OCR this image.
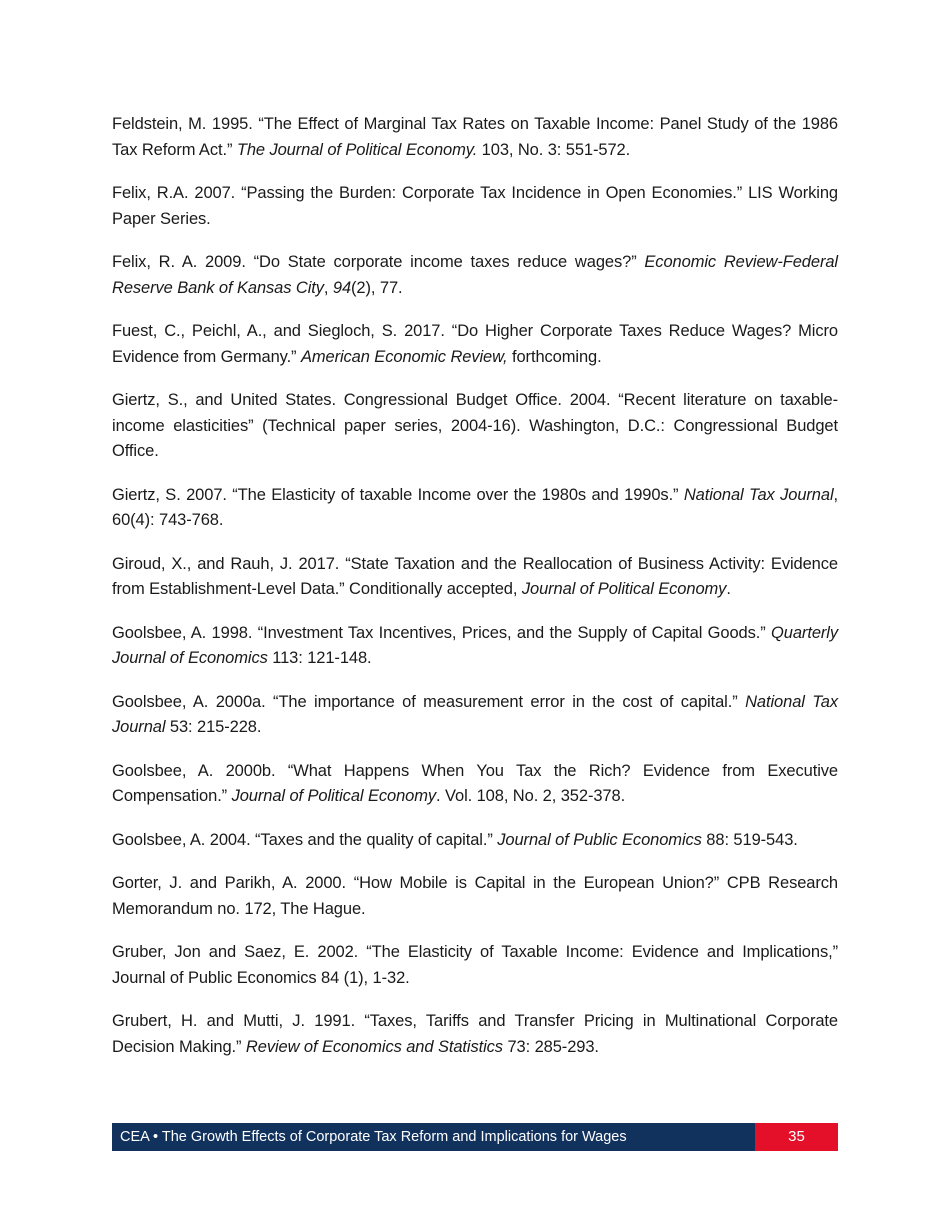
Feldstein, M. 1995. “The Effect of Marginal Tax Rates on Taxable Income: Panel Study of the 1986 Tax Reform Act.” The Journal of Political Economy. 103, No. 3: 551-572.

Felix, R.A. 2007. “Passing the Burden: Corporate Tax Incidence in Open Economies.” LIS Working Paper Series.

Felix, R. A. 2009. “Do State corporate income taxes reduce wages?” Economic Review-Federal Reserve Bank of Kansas City, 94(2), 77.

Fuest, C., Peichl, A., and Siegloch, S. 2017. “Do Higher Corporate Taxes Reduce Wages? Micro Evidence from Germany.” American Economic Review, forthcoming.

Giertz, S., and United States. Congressional Budget Office. 2004. “Recent literature on taxable-income elasticities” (Technical paper series, 2004-16). Washington, D.C.: Congressional Budget Office.

Giertz, S. 2007. “The Elasticity of taxable Income over the 1980s and 1990s.” National Tax Journal, 60(4): 743-768.

Giroud, X., and Rauh, J. 2017. “State Taxation and the Reallocation of Business Activity: Evidence from Establishment-Level Data.” Conditionally accepted, Journal of Political Economy.

Goolsbee, A. 1998. “Investment Tax Incentives, Prices, and the Supply of Capital Goods.” Quarterly Journal of Economics 113: 121-148.

Goolsbee, A. 2000a. “The importance of measurement error in the cost of capital.” National Tax Journal 53: 215-228.

Goolsbee, A. 2000b. “What Happens When You Tax the Rich? Evidence from Executive Compensation.” Journal of Political Economy. Vol. 108, No. 2, 352-378.

Goolsbee, A. 2004. “Taxes and the quality of capital.” Journal of Public Economics 88: 519-543.

Gorter, J. and Parikh, A. 2000. “How Mobile is Capital in the European Union?” CPB Research Memorandum no. 172, The Hague.

Gruber, Jon and Saez, E. 2002. “The Elasticity of Taxable Income: Evidence and Implications,” Journal of Public Economics 84 (1), 1-32.

Grubert, H. and Mutti, J. 1991. “Taxes, Tariffs and Transfer Pricing in Multinational Corporate Decision Making.” Review of Economics and Statistics 73: 285-293.

CEA • The Growth Effects of Corporate Tax Reform and Implications for Wages	35
